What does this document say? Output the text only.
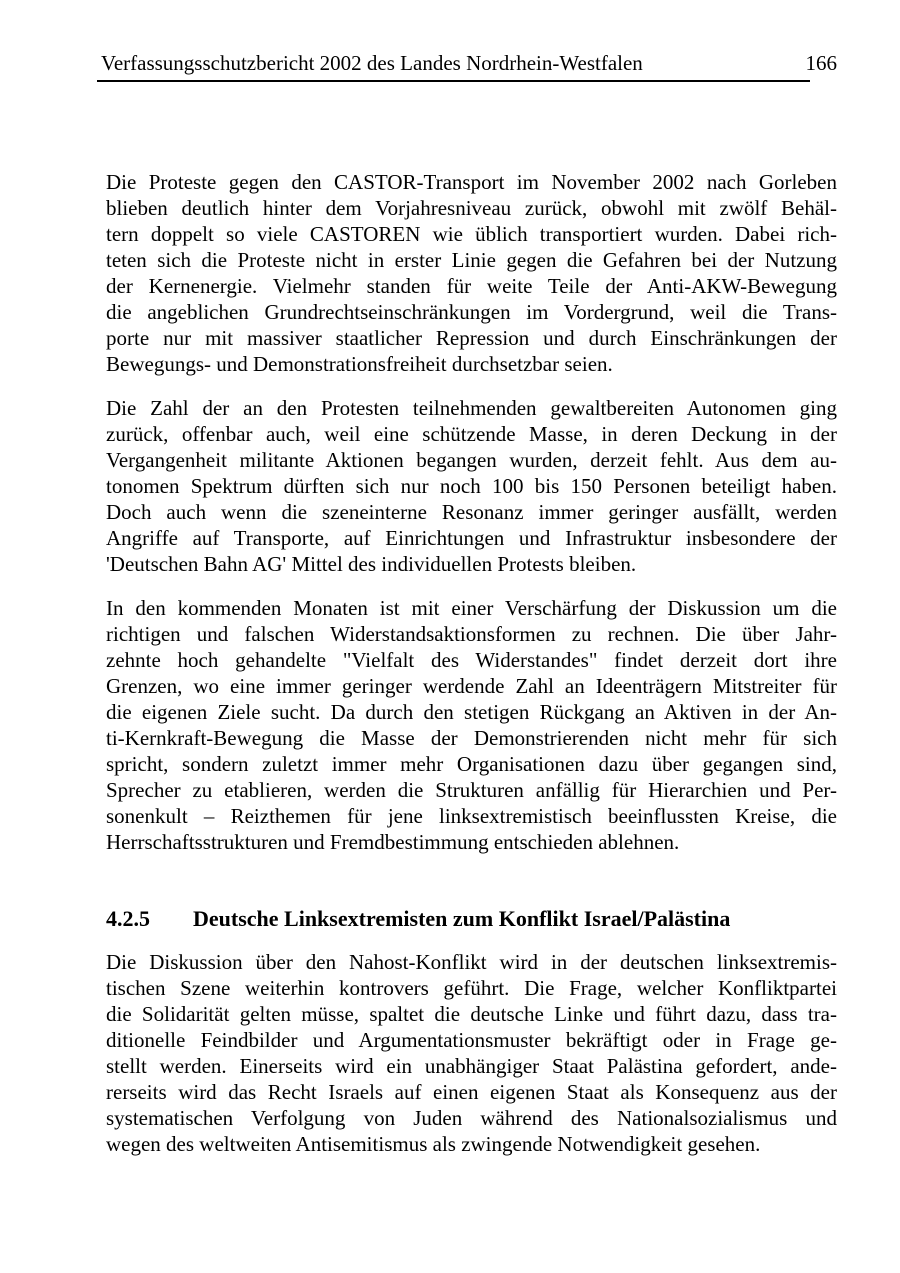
Verfassungsschutzbericht 2002 des Landes Nordrhein-Westfalen	166
Die Proteste gegen den CASTOR-Transport im November 2002 nach Gorleben
blieben deutlich hinter dem Vorjahresniveau zurück, obwohl mit zwölf Behäl-
tern doppelt so viele CASTOREN wie üblich transportiert wurden. Dabei rich-
teten sich die Proteste nicht in erster Linie gegen die Gefahren bei der Nutzung
der Kernenergie. Vielmehr standen für weite Teile der Anti-AKW-Bewegung
die angeblichen Grundrechtseinschränkungen im Vordergrund, weil die Trans-
porte nur mit massiver staatlicher Repression und durch Einschränkungen der
Bewegungs- und Demonstrationsfreiheit durchsetzbar seien.
Die Zahl der an den Protesten teilnehmenden gewaltbereiten Autonomen ging
zurück, offenbar auch, weil eine schützende Masse, in deren Deckung in der
Vergangenheit militante Aktionen begangen wurden, derzeit fehlt. Aus dem au-
tonomen Spektrum dürften sich nur noch 100 bis 150 Personen beteiligt haben.
Doch auch wenn die szeneinterne Resonanz immer geringer ausfällt, werden
Angriffe auf Transporte, auf Einrichtungen und Infrastruktur insbesondere der
'Deutschen Bahn AG' Mittel des individuellen Protests bleiben.
In den kommenden Monaten ist mit einer Verschärfung der Diskussion um die
richtigen und falschen Widerstandsaktionsformen zu rechnen. Die über Jahr-
zehnte hoch gehandelte "Vielfalt des Widerstandes" findet derzeit dort ihre
Grenzen, wo eine immer geringer werdende Zahl an Ideenträgern Mitstreiter für
die eigenen Ziele sucht. Da durch den stetigen Rückgang an Aktiven in der An-
ti-Kernkraft-Bewegung die Masse der Demonstrierenden nicht mehr für sich
spricht, sondern zuletzt immer mehr Organisationen dazu über gegangen sind,
Sprecher zu etablieren, werden die Strukturen anfällig für Hierarchien und Per-
sonenkult – Reizthemen für jene linksextremistisch beeinflussten Kreise, die
Herrschaftsstrukturen und Fremdbestimmung entschieden ablehnen.
4.2.5	Deutsche Linksextremisten zum Konflikt Israel/Palästina
Die Diskussion über den Nahost-Konflikt wird in der deutschen linksextremis-
tischen Szene weiterhin kontrovers geführt. Die Frage, welcher Konfliktpartei
die Solidarität gelten müsse, spaltet die deutsche Linke und führt dazu, dass tra-
ditionelle Feindbilder und Argumentationsmuster bekräftigt oder in Frage ge-
stellt werden. Einerseits wird ein unabhängiger Staat Palästina gefordert, ande-
rerseits wird das Recht Israels auf einen eigenen Staat als Konsequenz aus der
systematischen Verfolgung von Juden während des Nationalsozialismus und
wegen des weltweiten Antisemitismus als zwingende Notwendigkeit gesehen.
